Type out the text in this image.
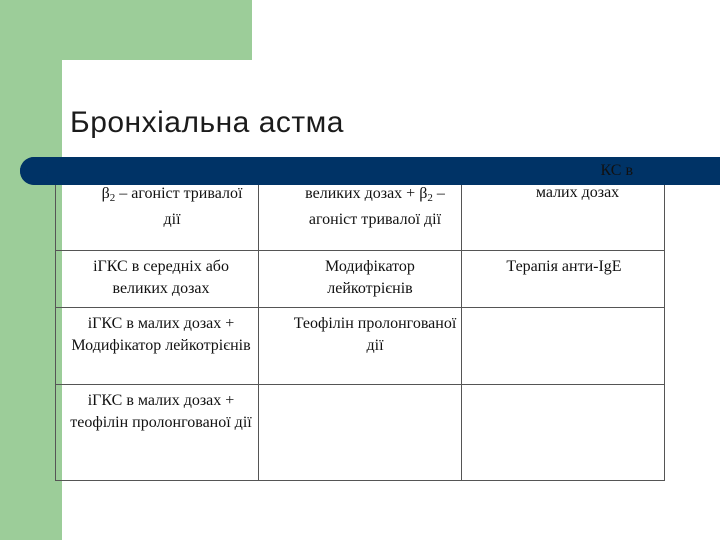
Бронхіальна астма
$\beta_2$ – агоніст тривалої дії
великих дозах + $\beta_2$ – агоніст тривалої дії
КС в
малих дозах
іГКС в середніх або великих дозах
Модифікатор лейкотрієнів
Терапія анти-IgE
іГКС в малих дозах + Модифікатор лейкотрієнів
Теофілін пролонгованої дії
іГКС в малих дозах + теофілін пролонгованої дії
